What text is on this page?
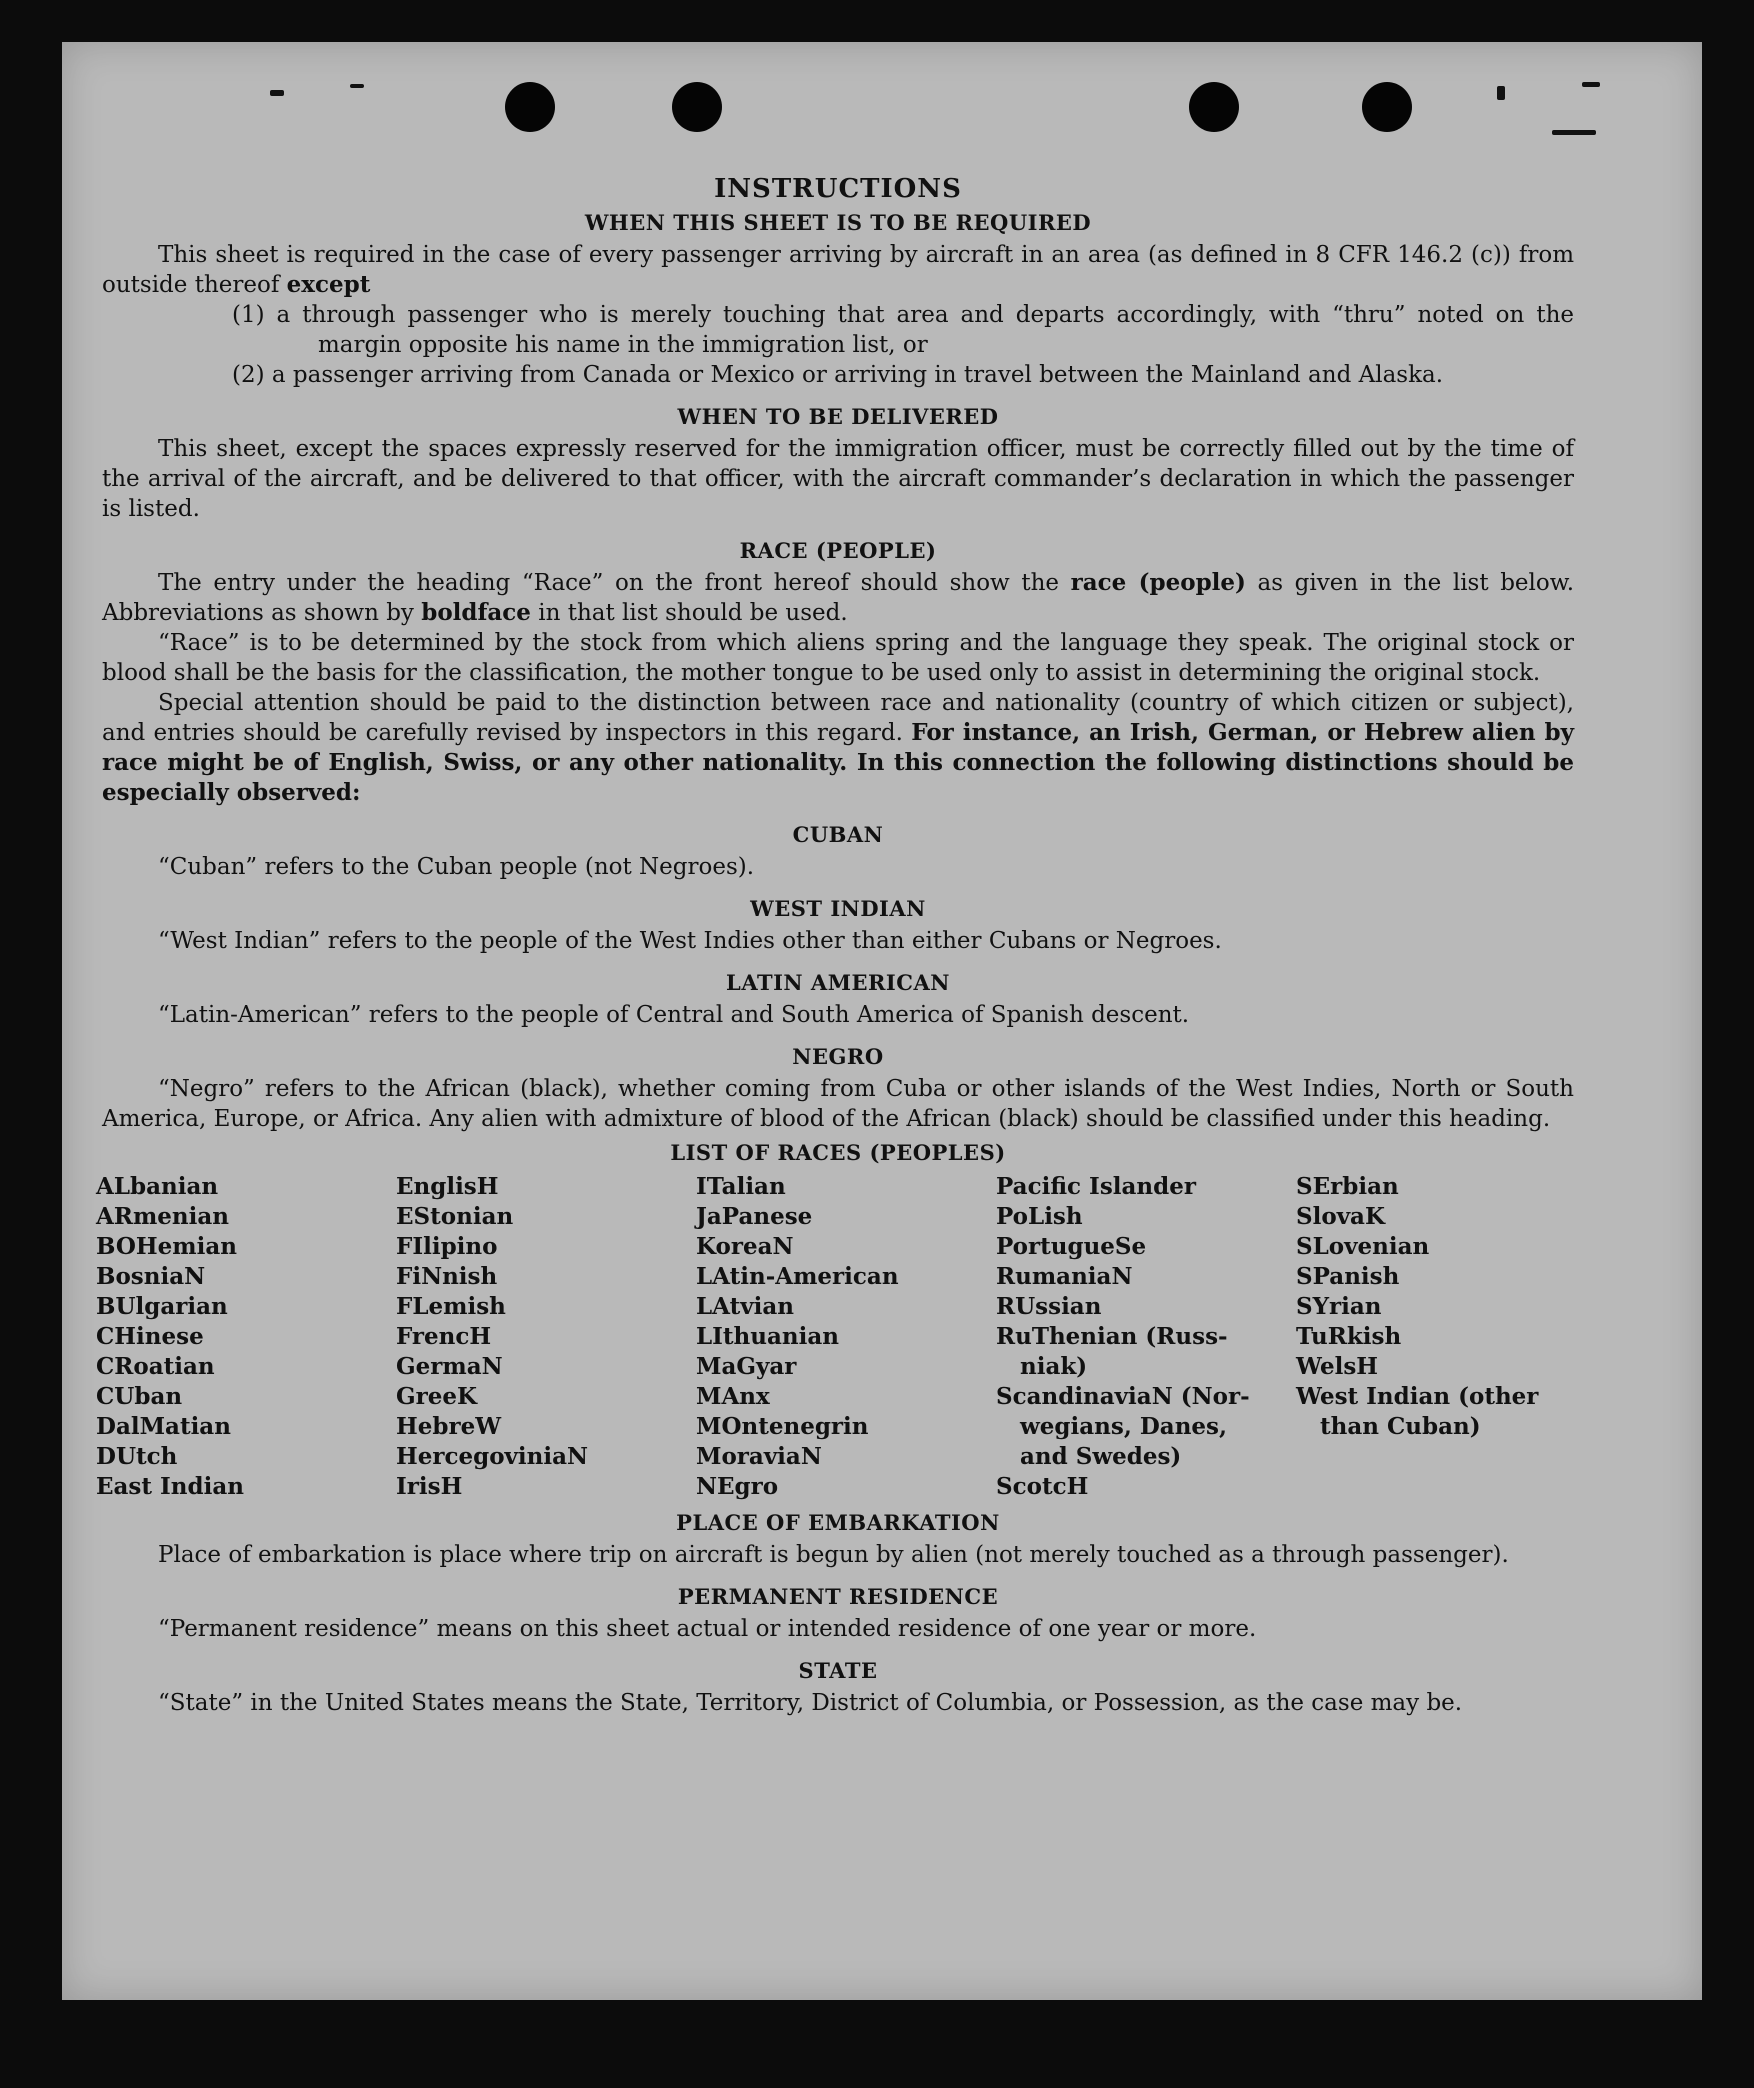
INSTRUCTIONS
WHEN THIS SHEET IS TO BE REQUIRED

This sheet is required in the case of every passenger arriving by aircraft in an area (as defined in 8 CFR 146.2 (c)) from outside thereof except

(1) a through passenger who is merely touching that area and departs accordingly, with “thru” noted on the margin opposite his name in the immigration list, or

(2) a passenger arriving from Canada or Mexico or arriving in travel between the Mainland and Alaska.

WHEN TO BE DELIVERED

This sheet, except the spaces expressly reserved for the immigration officer, must be correctly filled out by the time of the arrival of the aircraft, and be delivered to that officer, with the aircraft commander’s declaration in which the passenger is listed.

RACE (PEOPLE)

The entry under the heading “Race” on the front hereof should show the race (people) as given in the list below. Abbreviations as shown by boldface in that list should be used.

“Race” is to be determined by the stock from which aliens spring and the language they speak. The original stock or blood shall be the basis for the classification, the mother tongue to be used only to assist in determining the original stock.

Special attention should be paid to the distinction between race and nationality (country of which citizen or subject), and entries should be carefully revised by inspectors in this regard. For instance, an Irish, German, or Hebrew alien by race might be of English, Swiss, or any other nationality. In this connection the following distinctions should be especially observed:

CUBAN

“Cuban” refers to the Cuban people (not Negroes).

WEST INDIAN

“West Indian” refers to the people of the West Indies other than either Cubans or Negroes.

LATIN AMERICAN

“Latin-American” refers to the people of Central and South America of Spanish descent.

NEGRO

“Negro” refers to the African (black), whether coming from Cuba or other islands of the West Indies, North or South America, Europe, or Africa. Any alien with admixture of blood of the African (black) should be classified under this heading.

LIST OF RACES (PEOPLES)
ALbanian
ARmenian
BOHemian
BosniaN
BUlgarian
CHinese
CRoatian
CUban
DalMatian
DUtch
East Indian
EnglisH
EStonian
FIlipino
FiNnish
FLemish
FrencH
GermaN
GreeK
HebreW
HercegoviniaN
IrisH
ITalian
JaPanese
KoreaN
LAtin-American
LAtvian
LIthuanian
MaGyar
MAnx
MOntenegrin
MoraviaN
NEgro
Pacific Islander
PoLish
PortugueSe
RumaniaN
RUssian
RuThenian (Russ-
niak)
ScandinaviaN (Nor-
wegians, Danes,
and Swedes)
ScotcH
SErbian
SlovaK
SLovenian
SPanish
SYrian
TuRkish
WelsH
West Indian (other
than Cuban)
PLACE OF EMBARKATION

Place of embarkation is place where trip on aircraft is begun by alien (not merely touched as a through passenger).

PERMANENT RESIDENCE

“Permanent residence” means on this sheet actual or intended residence of one year or more.

STATE

“State” in the United States means the State, Territory, District of Columbia, or Possession, as the case may be.
